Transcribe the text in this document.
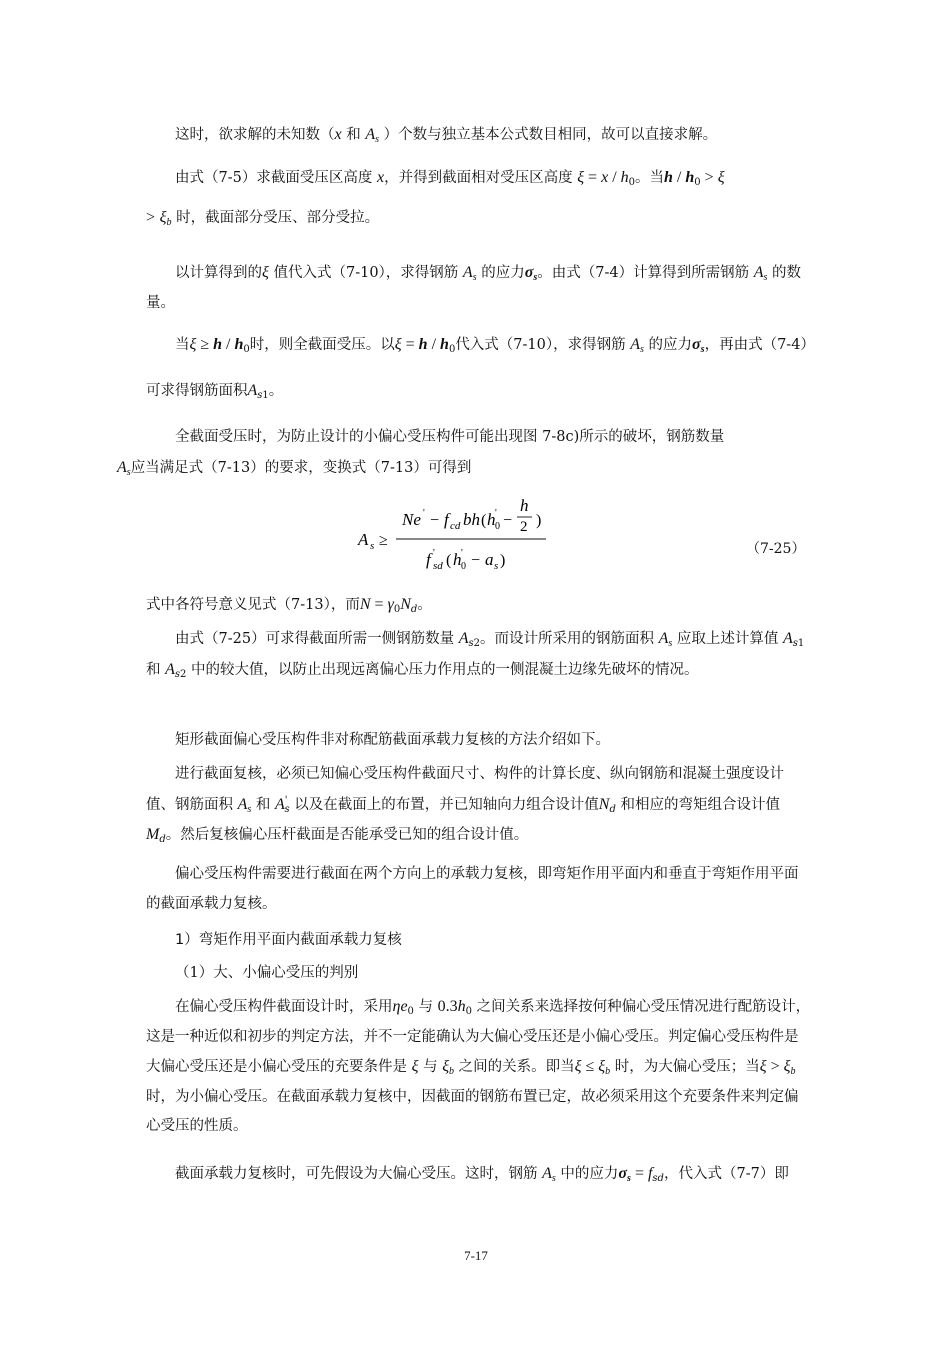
这时，欲求解的未知数（x 和 $A_s$ ）个数与独立基本公式数目相同，故可以直接求解。

由式（7-5）求截面受压区高度 x，并得到截面相对受压区高度 $\xi = x / h_0$。当$h / h_0 > \xi$
> $\xi_b$ 时，截面部分受压、部分受拉。

以计算得到的ξ 值代入式（7-10），求得钢筋 $A_s$ 的应力$\sigma_s$。由式（7-4）计算得到所需钢筋 $A_s$ 的数量。

当$\xi \ge h / h_0$时，则全截面受压。以$\xi = h / h_0$代入式（7-10），求得钢筋 $A_s$ 的应力$\sigma_s$，再由式（7-4）可求得钢筋面积$A_{s1}$。

全截面受压时，为防止设计的小偏心受压构件可能出现图 7-8c)所示的破坏，钢筋数量
$A_s$应当满足式（7-13）的要求，变换式（7-13）可得到

A s ≥
Ne ' − f cd bh ( h '
0 −
h
2 )
f '
sd ( h '
0 − a s )
（7-25）

式中各符号意义见式（7-13），而$N = \gamma_0N_d$。

由式（7-25）可求得截面所需一侧钢筋数量 $A_{s2}$。而设计所采用的钢筋面积 $A_s$ 应取上述计算值 $A_{s1}$ 和 $A_{s2}$ 中的较大值，以防止出现远离偏心压力作用点的一侧混凝土边缘先破坏的情况。

矩形截面偏心受压构件非对称配筋截面承载力复核的方法介绍如下。

进行截面复核，必须已知偏心受压构件截面尺寸、构件的计算长度、纵向钢筋和混凝土强度设计值、钢筋面积 $A_s$ 和 $A'_s$ 以及在截面上的布置，并已知轴向力组合设计值$N_d$ 和相应的弯矩组合设计值$M_d$。然后复核偏心压杆截面是否能承受已知的组合设计值。

偏心受压构件需要进行截面在两个方向上的承载力复核，即弯矩作用平面内和垂直于弯矩作用平面的截面承载力复核。

1）弯矩作用平面内截面承载力复核

（1）大、小偏心受压的判别

在偏心受压构件截面设计时，采用$\eta e_0$ 与 $0.3h_0$ 之间关系来选择按何种偏心受压情况进行配筋设计，这是一种近似和初步的判定方法，并不一定能确认为大偏心受压还是小偏心受压。判定偏心受压构件是大偏心受压还是小偏心受压的充要条件是 ξ 与 $\xi_b$ 之间的关系。即当$\xi \le \xi_b$ 时，为大偏心受压；当$\xi > \xi_b$ 时，为小偏心受压。在截面承载力复核中，因截面的钢筋布置已定，故必须采用这个充要条件来判定偏心受压的性质。

截面承载力复核时，可先假设为大偏心受压。这时，钢筋 $A_s$ 中的应力$\sigma_s = f_{sd}$，代入式（7-7）即

7-17
